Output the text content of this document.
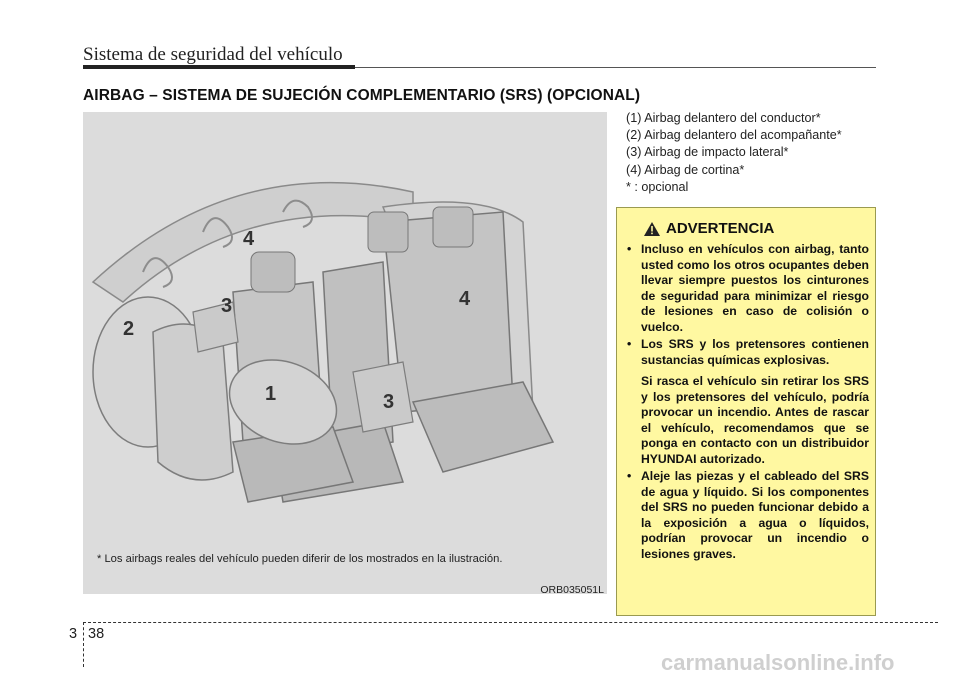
Sistema de seguridad del vehículo
AIRBAG – SISTEMA DE SUJECIÓN COMPLEMENTARIO (SRS) (OPCIONAL)
1
2
3
3
4
4
* Los airbags reales del vehículo pueden diferir de los mostrados en la ilustración.
ORB035051L
(1) Airbag delantero del conductor*
(2) Airbag delantero del acompañante*
(3) Airbag de impacto lateral*
(4) Airbag de cortina*
* : opcional
ADVERTENCIA
• Incluso en vehículos con airbag, tanto usted como los otros ocupantes deben llevar siempre puestos los cinturones de seguridad para minimizar el riesgo de lesiones en caso de colisión o vuelco.
• Los SRS y los pretensores contienen sustancias químicas explosivas.
Si rasca el vehículo sin retirar los SRS y los pretensores del vehículo, podría provocar un incendio. Antes de rascar el vehículo, recomendamos que se ponga en contacto con un distribuidor HYUNDAI autorizado.
• Aleje las piezas y el cableado del SRS de agua y líquido. Si los componentes del SRS no pueden funcionar debido a la exposición a agua o líquidos, podrían provocar un incendio o lesiones graves.
3 38
carmanualsonline.info
